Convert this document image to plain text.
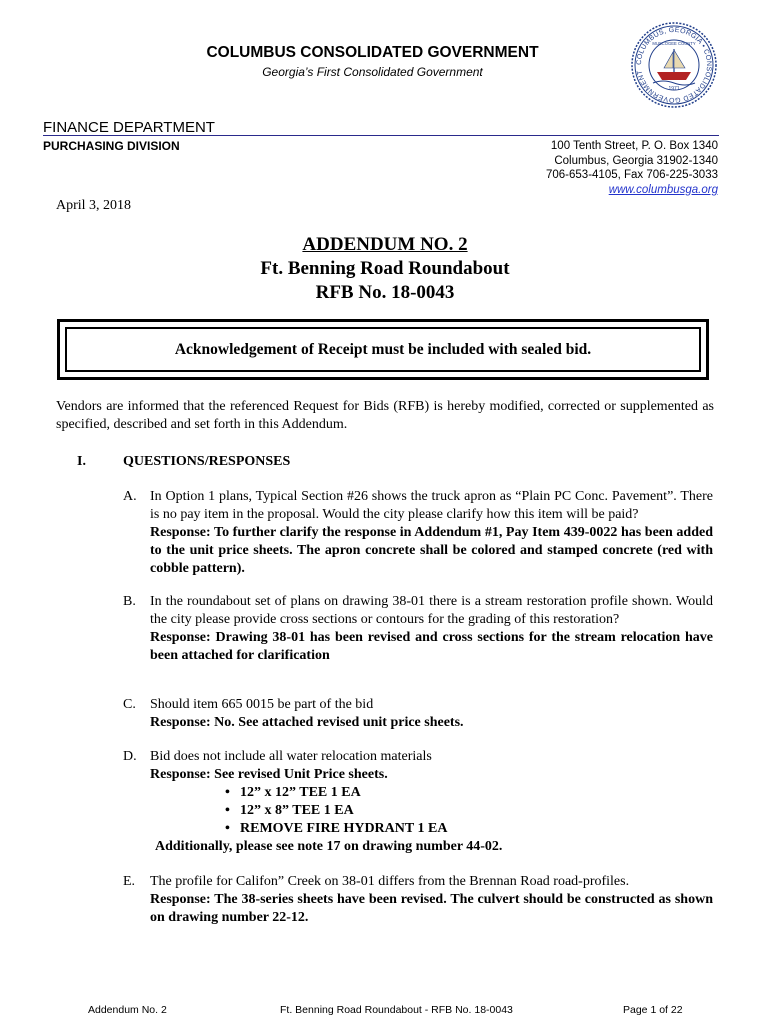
COLUMBUS CONSOLIDATED GOVERNMENT
Georgia’s First Consolidated Government
COLUMBUS, GEORGIA • CONSOLIDATED GOVERNMENT
MUSCOGEE COUNTY
1971
FINANCE DEPARTMENT
PURCHASING DIVISION	100 Tenth Street, P. O. Box 1340
Columbus, Georgia 31902-1340
706-653-4105, Fax 706-225-3033
www.columbusga.org
April 3, 2018
ADDENDUM NO. 2
Ft. Benning Road Roundabout
RFB No. 18-0043
Acknowledgement of Receipt must be included with sealed bid.
Vendors are informed that the referenced Request for Bids (RFB) is hereby modified, corrected or supplemented as specified, described and set forth in this Addendum.
I.	QUESTIONS/RESPONSES
A. In Option 1 plans, Typical Section #26 shows the truck apron as “Plain PC Conc. Pavement”. There is no pay item in the proposal. Would the city please clarify how this item will be paid?
Response: To further clarify the response in Addendum #1, Pay Item 439-0022 has been added to the unit price sheets. The apron concrete shall be colored and stamped concrete (red with cobble pattern).
B.	In the roundabout set of plans on drawing 38-01 there is a stream restoration profile shown. Would the city please provide cross sections or contours for the grading of this restoration?
Response: Drawing 38-01 has been revised and cross sections for the stream relocation have been attached for clarification
C.	Should item 665 0015 be part of the bid
Response: No. See attached revised unit price sheets.
D. Bid does not include all water relocation materials
Response: See revised Unit Price sheets.
• 12” x 12” TEE 1 EA
• 12” x 8” TEE 1 EA
• REMOVE FIRE HYDRANT 1 EA
Additionally, please see note 17 on drawing number 44-02.
E.	The profile for Califon” Creek on 38-01 differs from the Brennan Road road-profiles.
Response: The 38-series sheets have been revised. The culvert should be constructed as shown on drawing number 22-12.
Addendum No. 2	Ft. Benning Road Roundabout - RFB No. 18-0043	Page 1 of 22
